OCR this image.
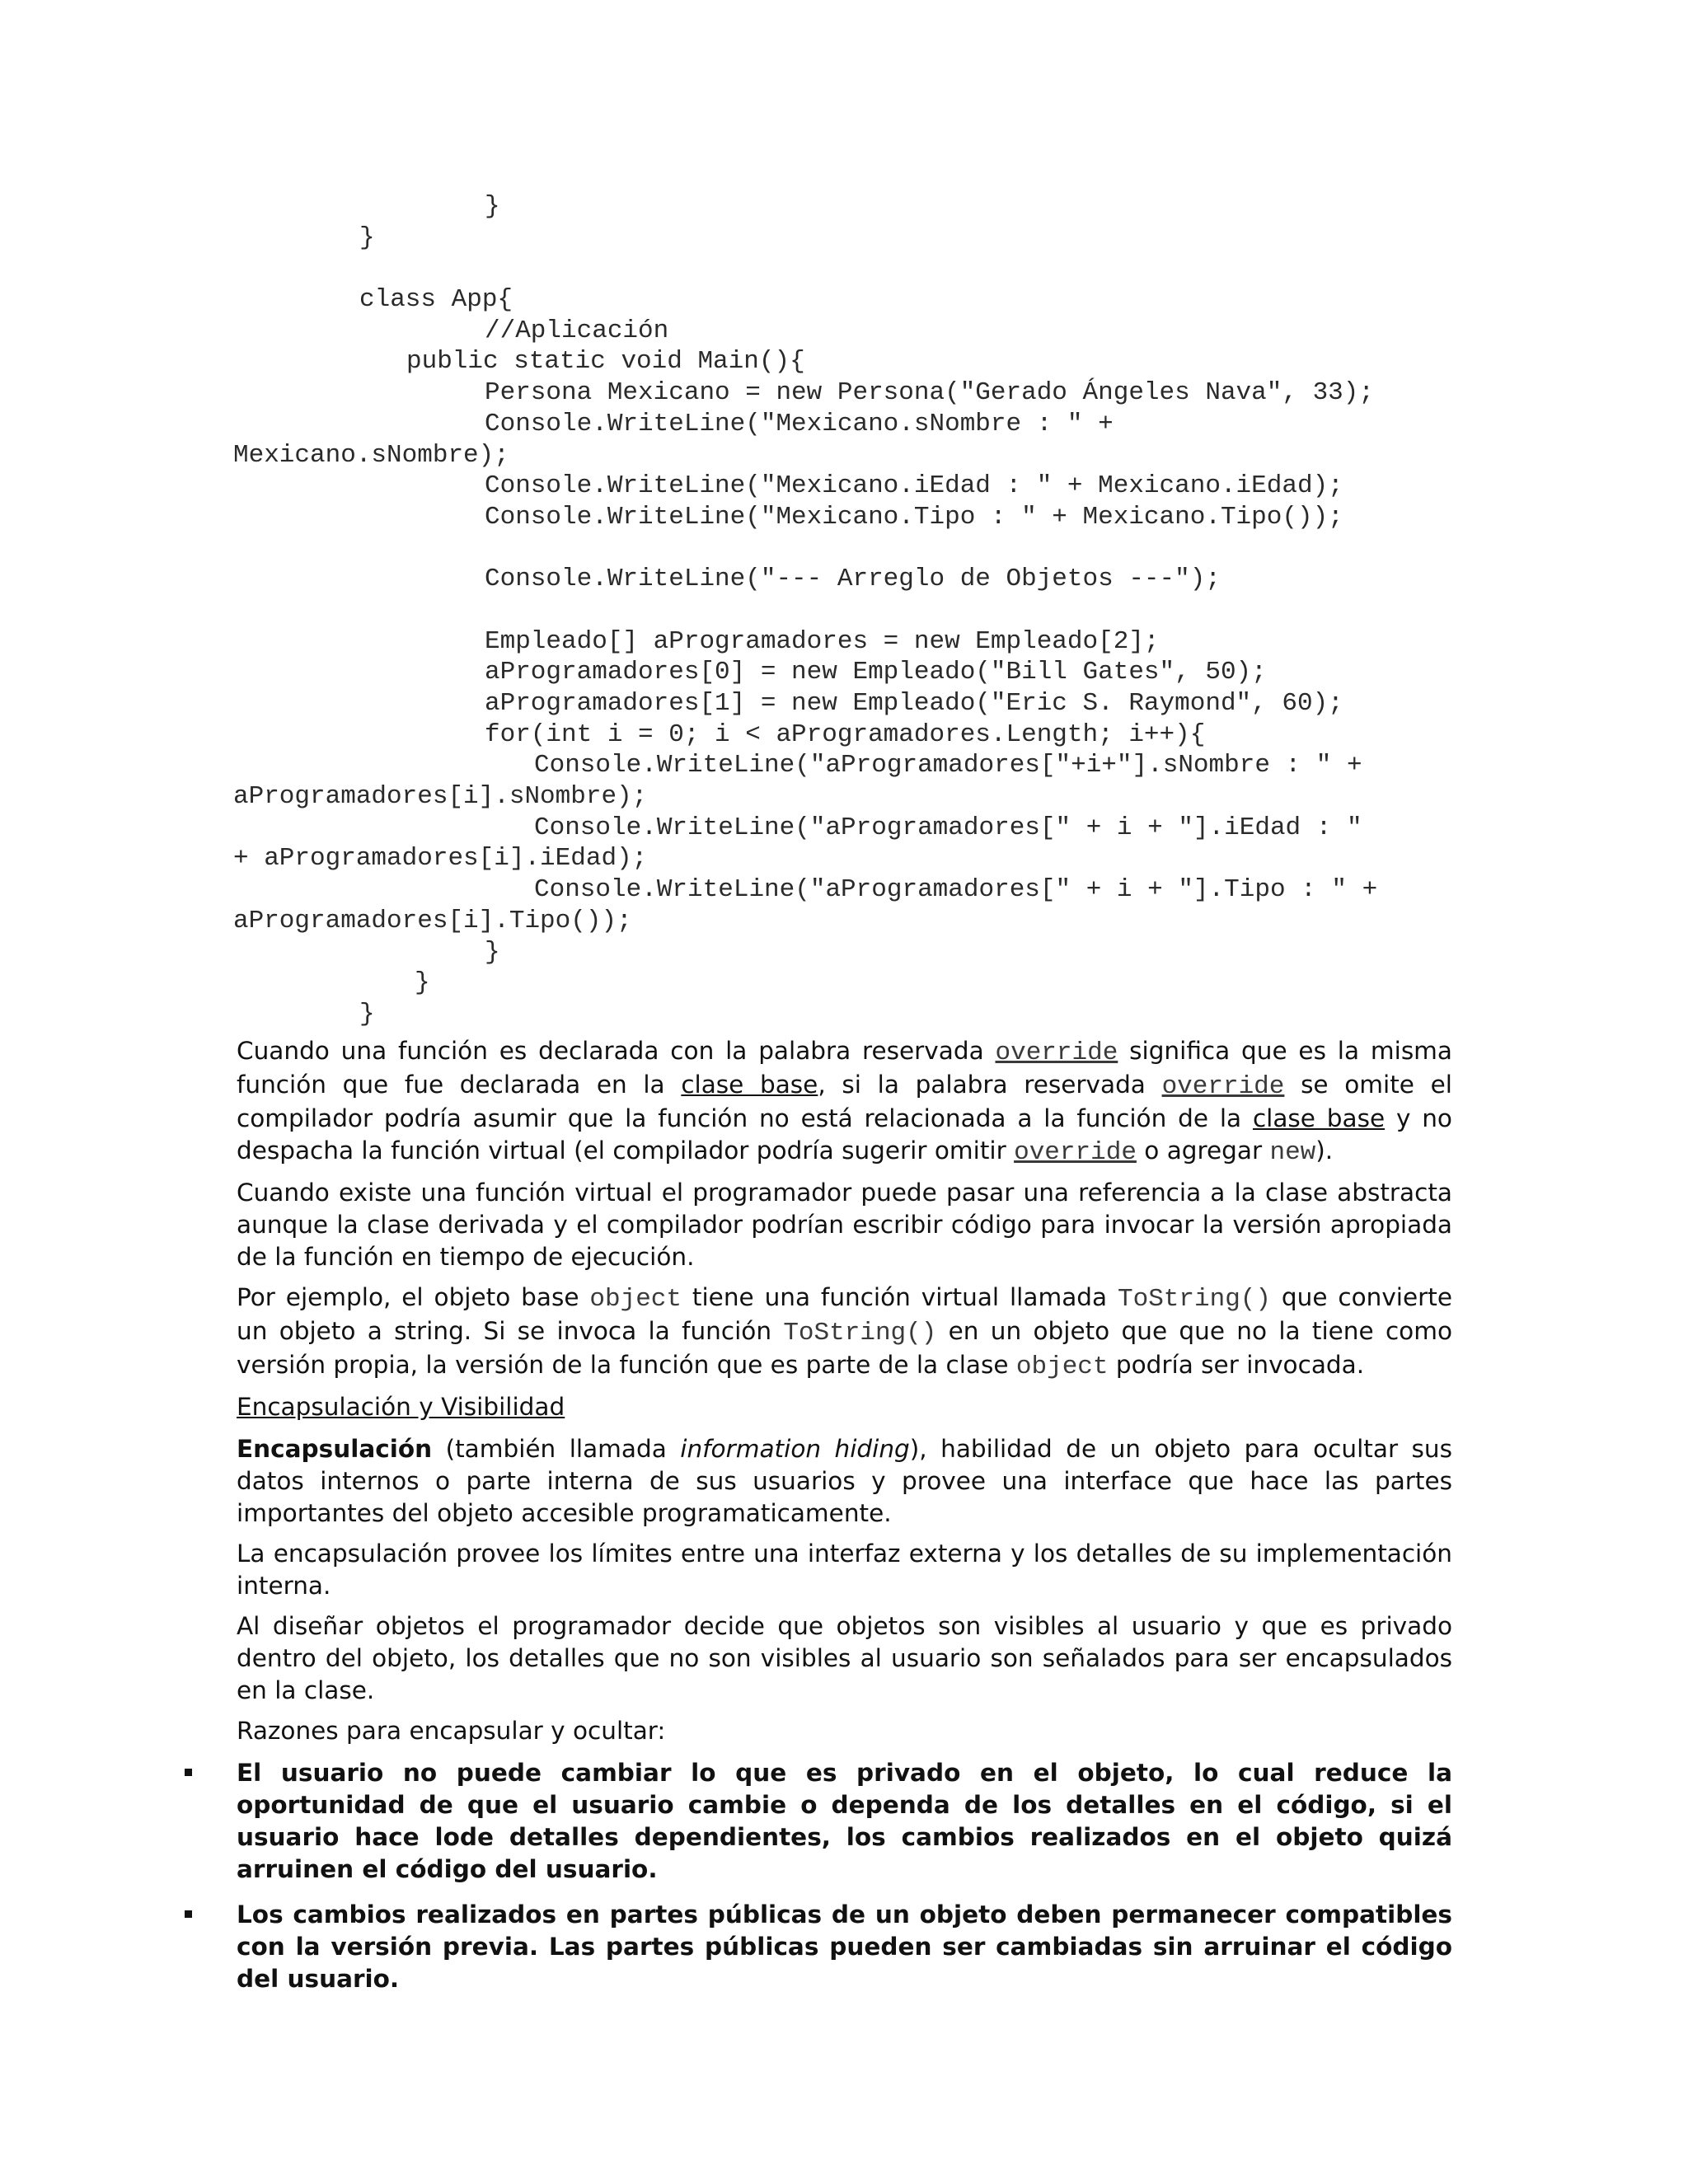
}
}
class App{
//Aplicación
public static void Main(){
Persona Mexicano = new Persona("Gerado Ángeles Nava", 33);
Console.WriteLine("Mexicano.sNombre : " +
Mexicano.sNombre);
Console.WriteLine("Mexicano.iEdad : " + Mexicano.iEdad);
Console.WriteLine("Mexicano.Tipo : " + Mexicano.Tipo());
Console.WriteLine("--- Arreglo de Objetos ---");
Empleado[] aProgramadores = new Empleado[2];
aProgramadores[0] = new Empleado("Bill Gates", 50);
aProgramadores[1] = new Empleado("Eric S. Raymond", 60);
for(int i = 0; i < aProgramadores.Length; i++){
Console.WriteLine("aProgramadores["+i+"].sNombre : " +
aProgramadores[i].sNombre);
Console.WriteLine("aProgramadores[" + i + "].iEdad : "
+ aProgramadores[i].iEdad);
Console.WriteLine("aProgramadores[" + i + "].Tipo : " +
aProgramadores[i].Tipo());
}
}
}

Cuando una función es declarada con la palabra reservada override significa que es la misma función que fue declarada en la clase base, si la palabra reservada override se omite el compilador podría asumir que la función no está relacionada a la función de la clase base y no despacha la función virtual (el compilador podría sugerir omitir override o agregar new).

Cuando existe una función virtual el programador puede pasar una referencia a la clase abstracta aunque la clase derivada y el compilador podrían escribir código para invocar la versión apropiada de la función en tiempo de ejecución.

Por ejemplo, el objeto base object tiene una función virtual llamada ToString() que convierte un objeto a string. Si se invoca la función ToString() en un objeto que que no la tiene como versión propia, la versión de la función que es parte de la clase object podría ser invocada.

Encapsulación y Visibilidad

Encapsulación (también llamada information hiding), habilidad de un objeto para ocultar sus datos internos o parte interna de sus usuarios y provee una interface que hace las partes importantes del objeto accesible programaticamente.

La encapsulación provee los límites entre una interfaz externa y los detalles de su implementación interna.

Al diseñar objetos el programador decide que objetos son visibles al usuario y que es privado dentro del objeto, los detalles que no son visibles al usuario son señalados para ser encapsulados en la clase.

Razones para encapsular y ocultar:

El usuario no puede cambiar lo que es privado en el objeto, lo cual reduce la oportunidad de que el usuario cambie o dependa de los detalles en el código, si el usuario hace lode detalles dependientes, los cambios realizados en el objeto quizá arruinen el código del usuario.
Los cambios realizados en partes públicas de un objeto deben permanecer compatibles con la versión previa. Las partes públicas pueden ser cambiadas sin arruinar el código del usuario.
